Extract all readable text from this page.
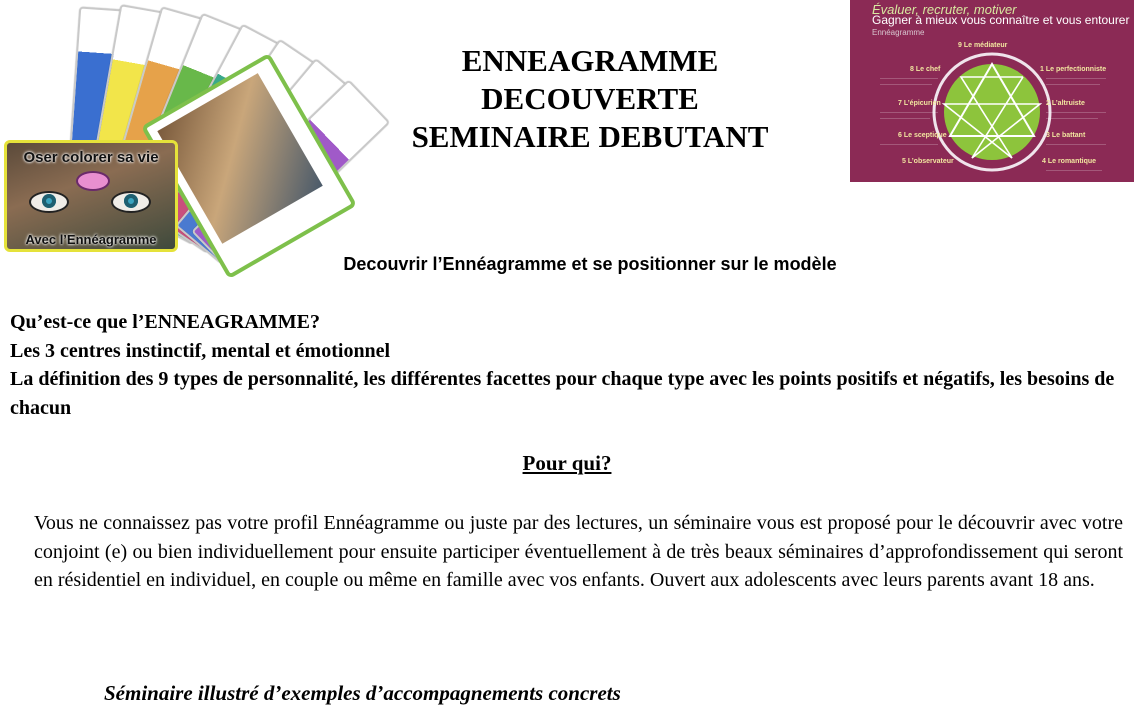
Oser colorer sa vie
Avec l’Ennéagramme
ENNEAGRAMME
DECOUVERTE
SEMINAIRE DEBUTANT
Évaluer, recruter, motiver
Gagner à mieux vous connaître et vous entourer
Ennéagramme
9 Le médiateur
8 Le chef	1 Le perfectionniste
7 L’épicurien	2 L’altruiste
6 Le sceptique	3 Le battant
5 L’observateur	4 Le romantique
Decouvrir l’Ennéagramme et se positionner sur le modèle
Qu’est-ce que l’ENNEAGRAMME?
Les 3 centres instinctif, mental et émotionnel
La définition des 9 types de personnalité, les différentes facettes pour chaque type avec les points positifs et négatifs, les besoins de chacun
Pour qui?
Vous ne connaissez pas votre profil Ennéagramme ou juste par des lectures, un séminaire vous est proposé pour le découvrir avec votre conjoint (e) ou bien individuellement pour ensuite participer éventuellement à de très beaux séminaires d’approfondissement qui seront en résidentiel en individuel, en couple ou même en famille avec vos enfants. Ouvert aux adolescents avec leurs parents avant 18 ans.
Séminaire illustré d’exemples d’accompagnements concrets
